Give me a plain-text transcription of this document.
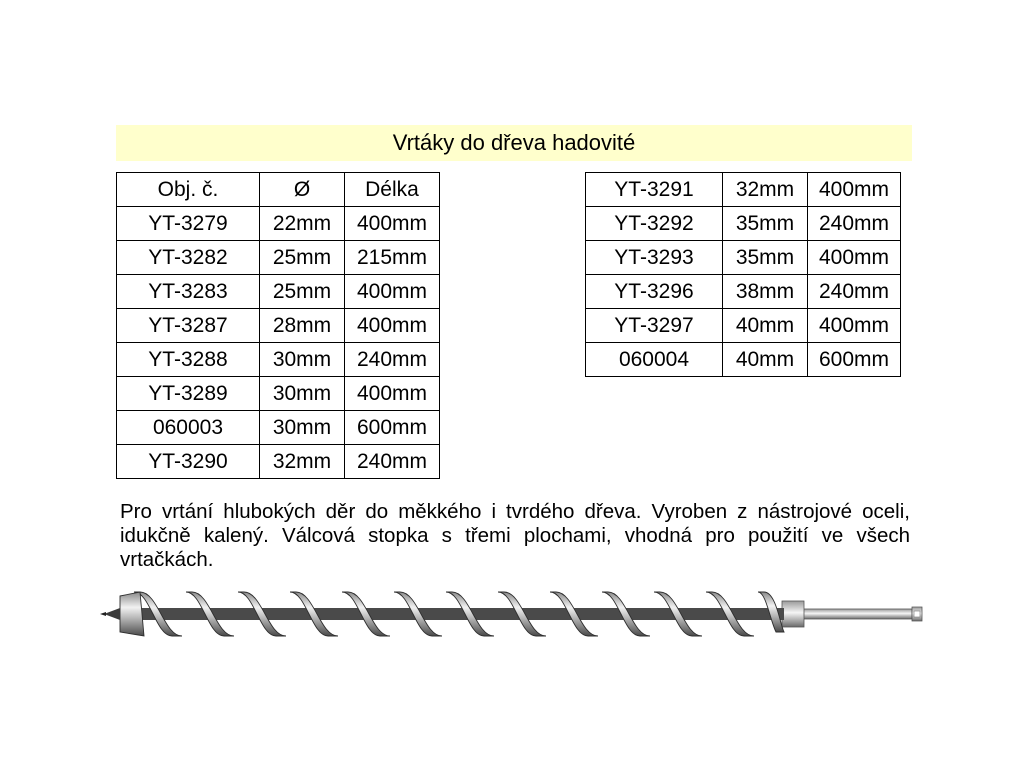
Vrtáky do dřeva hadovité
Obj. č.	Ø	Délka
YT-3279	22mm	400mm
YT-3282	25mm	215mm
YT-3283	25mm	400mm
YT-3287	28mm	400mm
YT-3288	30mm	240mm
YT-3289	30mm	400mm
060003	30mm	600mm
YT-3290	32mm	240mm
YT-3291	32mm	400mm
YT-3292	35mm	240mm
YT-3293	35mm	400mm
YT-3296	38mm	240mm
YT-3297	40mm	400mm
060004	40mm	600mm
Pro vrtání hlubokých děr do měkkého i tvrdého dřeva. Vyroben z nástrojové oceli, idukčně kalený. Válcová stopka s třemi plochami, vhodná pro použití ve všech vrtačkách.
